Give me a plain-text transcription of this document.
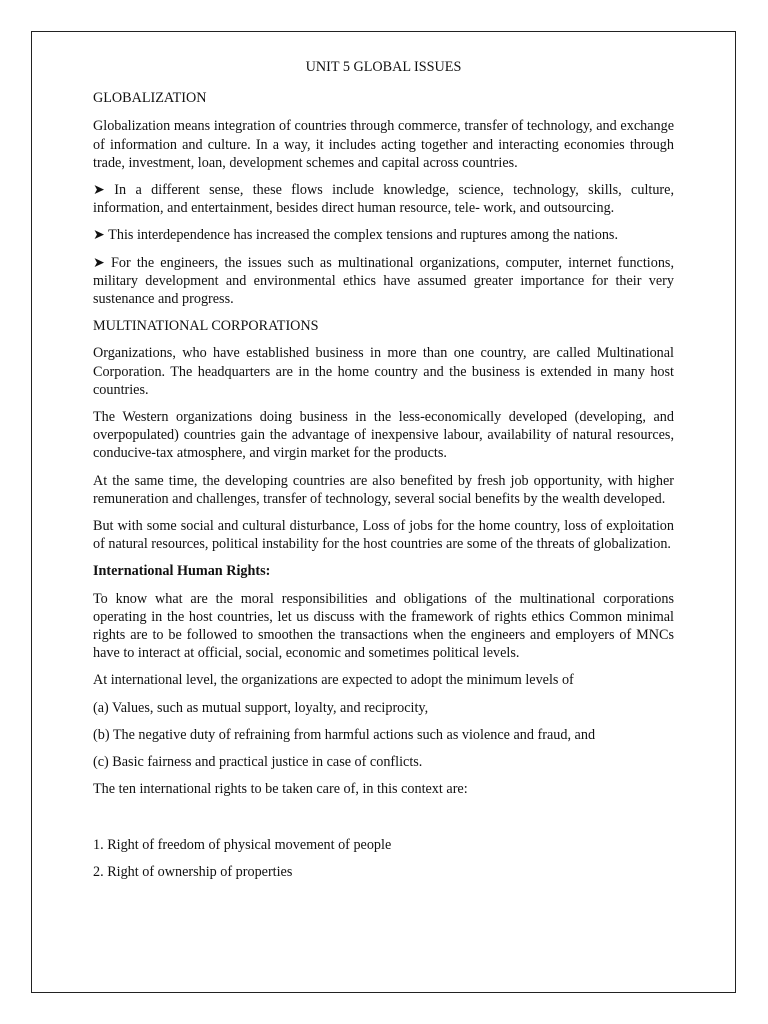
UNIT 5 GLOBAL ISSUES

GLOBALIZATION

Globalization means integration of countries through commerce, transfer of technology, and exchange of information and culture. In a way, it includes acting together and interacting economies through trade, investment, loan, development schemes and capital across countries.

➤ In a different sense, these flows include knowledge, science, technology, skills, culture, information, and entertainment, besides direct human resource, tele- work, and outsourcing.

➤ This interdependence has increased the complex tensions and ruptures among the nations.

➤ For the engineers, the issues such as multinational organizations, computer, internet functions, military development and environmental ethics have assumed greater importance for their very sustenance and progress.

MULTINATIONAL CORPORATIONS

Organizations, who have established business in more than one country, are called Multinational Corporation. The headquarters are in the home country and the business is extended in many host countries.

The Western organizations doing business in the less-economically developed (developing, and overpopulated) countries gain the advantage of inexpensive labour, availability of natural resources, conducive-tax atmosphere, and virgin market for the products.

At the same time, the developing countries are also benefited by fresh job opportunity, with higher remuneration and challenges, transfer of technology, several social benefits by the wealth developed.

But with some social and cultural disturbance, Loss of jobs for the home country, loss of exploitation of natural resources, political instability for the host countries are some of the threats of globalization.

International Human Rights:

To know what are the moral responsibilities and obligations of the multinational corporations operating in the host countries, let us discuss with the framework of rights ethics Common minimal rights are to be followed to smoothen the transactions when the engineers and employers of MNCs have to interact at official, social, economic and sometimes political levels.

At international level, the organizations are expected to adopt the minimum levels of

(a) Values, such as mutual support, loyalty, and reciprocity,

(b) The negative duty of refraining from harmful actions such as violence and fraud, and

(c) Basic fairness and practical justice in case of conflicts.

The ten international rights to be taken care of, in this context are:

1. Right of freedom of physical movement of people

2. Right of ownership of properties
